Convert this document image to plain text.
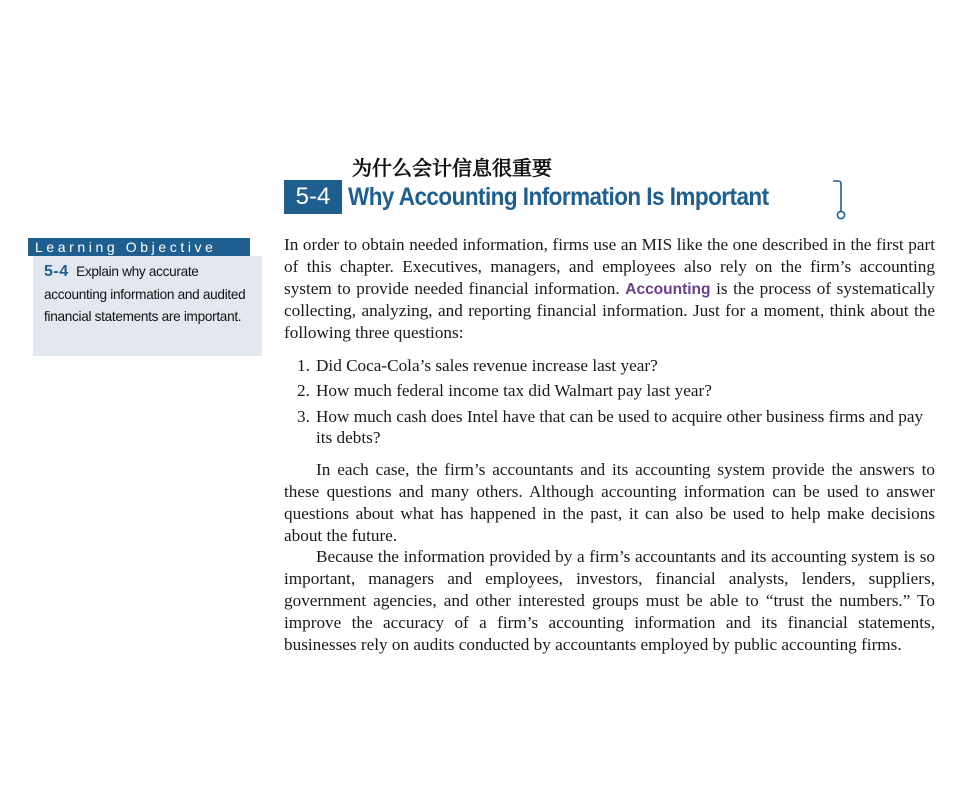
为什么会计信息很重要
5-4 Why Accounting Information Is Important
Learning Objective
5-4 Explain why accurate accounting information and audited financial statements are important.

In order to obtain needed information, firms use an MIS like the one described in the first part of this chapter. Executives, managers, and employees also rely on the firm’s accounting system to provide needed financial information. Accounting is the process of systematically collecting, analyzing, and reporting financial information. Just for a moment, think about the following three questions:

1. Did Coca-Cola’s sales revenue increase last year?
2. How much federal income tax did Walmart pay last year?
3. How much cash does Intel have that can be used to acquire other business firms and pay its debts?

In each case, the firm’s accountants and its accounting system provide the answers to these questions and many others. Although accounting information can be used to answer questions about what has happened in the past, it can also be used to help make decisions about the future.

Because the information provided by a firm’s accountants and its accounting system is so important, managers and employees, investors, financial analysts, lenders, suppliers, government agencies, and other interested groups must be able to “trust the numbers.” To improve the accuracy of a firm’s accounting information and its financial statements, businesses rely on audits conducted by accountants employed by public accounting firms.
